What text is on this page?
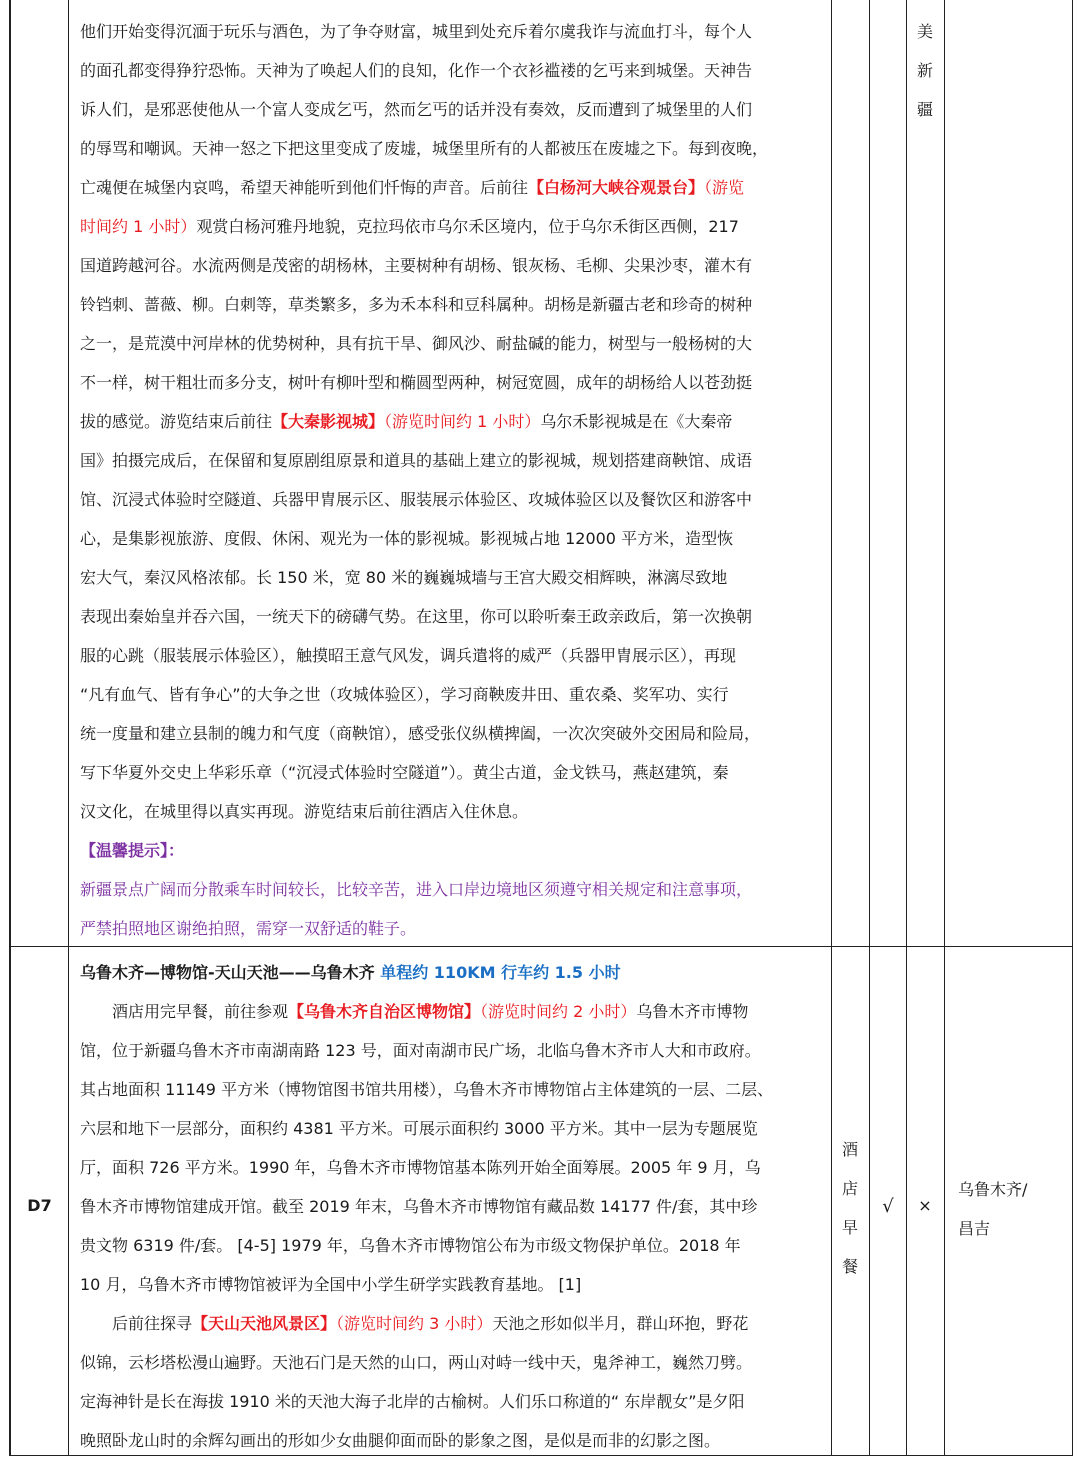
他们开始变得沉湎于玩乐与酒色，为了争夺财富，城里到处充斥着尔虞我诈与流血打斗，每个人
的面孔都变得狰狞恐怖。天神为了唤起人们的良知，化作一个衣衫褴褛的乞丐来到城堡。天神告
诉人们，是邪恶使他从一个富人变成乞丐，然而乞丐的话并没有奏效，反而遭到了城堡里的人们
的辱骂和嘲讽。天神一怒之下把这里变成了废墟，城堡里所有的人都被压在废墟之下。每到夜晚，
亡魂便在城堡内哀鸣，希望天神能听到他们忏悔的声音。后前往【白杨河大峡谷观景台】（游览
时间约 1 小时）观赏白杨河雅丹地貌，克拉玛依市乌尔禾区境内，位于乌尔禾街区西侧，217
国道跨越河谷。水流两侧是茂密的胡杨林，主要树种有胡杨、银灰杨、毛柳、尖果沙枣，灌木有
铃铛刺、蔷薇、柳。白刺等，草类繁多，多为禾本科和豆科属种。胡杨是新疆古老和珍奇的树种
之一，是荒漠中河岸林的优势树种，具有抗干旱、御风沙、耐盐碱的能力，树型与一般杨树的大
不一样，树干粗壮而多分支，树叶有柳叶型和椭圆型两种，树冠宽圆，成年的胡杨给人以苍劲挺
拔的感觉。游览结束后前往【大秦影视城】（游览时间约 1 小时）乌尔禾影视城是在《大秦帝
国》拍摄完成后，在保留和复原剧组原景和道具的基础上建立的影视城，规划搭建商鞅馆、成语
馆、沉浸式体验时空隧道、兵器甲胄展示区、服装展示体验区、攻城体验区以及餐饮区和游客中
心，是集影视旅游、度假、休闲、观光为一体的影视城。影视城占地 12000 平方米，造型恢
宏大气，秦汉风格浓郁。长 150 米，宽 80 米的巍巍城墙与王宫大殿交相辉映，淋漓尽致地
表现出秦始皇并吞六国，一统天下的磅礴气势。在这里，你可以聆听秦王政亲政后，第一次换朝
服的心跳（服装展示体验区），触摸昭王意气风发，调兵遣将的威严（兵器甲胄展示区），再现
“凡有血气、皆有争心”的大争之世（攻城体验区），学习商鞅废井田、重农桑、奖军功、实行
统一度量和建立县制的魄力和气度（商鞅馆），感受张仪纵横捭阖，一次次突破外交困局和险局，
写下华夏外交史上华彩乐章（“沉浸式体验时空隧道”）。黄尘古道，金戈铁马，燕赵建筑，秦
汉文化，在城里得以真实再现。游览结束后前往酒店入住休息。
【温馨提示】：
新疆景点广阔而分散乘车时间较长，比较辛苦，进入口岸边境地区须遵守相关规定和注意事项，
严禁拍照地区谢绝拍照，需穿一双舒适的鞋子。
美
新
疆
D7
乌鲁木齐—博物馆-天山天池——乌鲁木齐 单程约 110KM 行车约 1.5 小时
　　酒店用完早餐，前往参观【乌鲁木齐自治区博物馆】（游览时间约 2 小时）乌鲁木齐市博物
馆，位于新疆乌鲁木齐市南湖南路 123 号，面对南湖市民广场，北临乌鲁木齐市人大和市政府。
其占地面积 11149 平方米（博物馆图书馆共用楼），乌鲁木齐市博物馆占主体建筑的一层、二层、
六层和地下一层部分，面积约 4381 平方米。可展示面积约 3000 平方米。其中一层为专题展览
厅，面积 726 平方米。1990 年，乌鲁木齐市博物馆基本陈列开始全面筹展。2005 年 9 月，乌
鲁木齐市博物馆建成开馆。截至 2019 年末，乌鲁木齐市博物馆有藏品数 14177 件/套，其中珍
贵文物 6319 件/套。 [4-5] 1979 年，乌鲁木齐市博物馆公布为市级文物保护单位。2018 年
10 月，乌鲁木齐市博物馆被评为全国中小学生研学实践教育基地。 [1]
　　后前往探寻【天山天池风景区】（游览时间约 3 小时）天池之形如似半月，群山环抱，野花
似锦，云杉塔松漫山遍野。天池石门是天然的山口，两山对峙一线中天，鬼斧神工，巍然刀劈。
定海神针是长在海拔 1910 米的天池大海子北岸的古榆树。人们乐口称道的“ 东岸靓女”是夕阳
晚照卧龙山时的余辉勾画出的形如少女曲腿仰面而卧的影象之图，是似是而非的幻影之图。
酒
店
早
餐
√	×
乌鲁木齐/
昌吉
